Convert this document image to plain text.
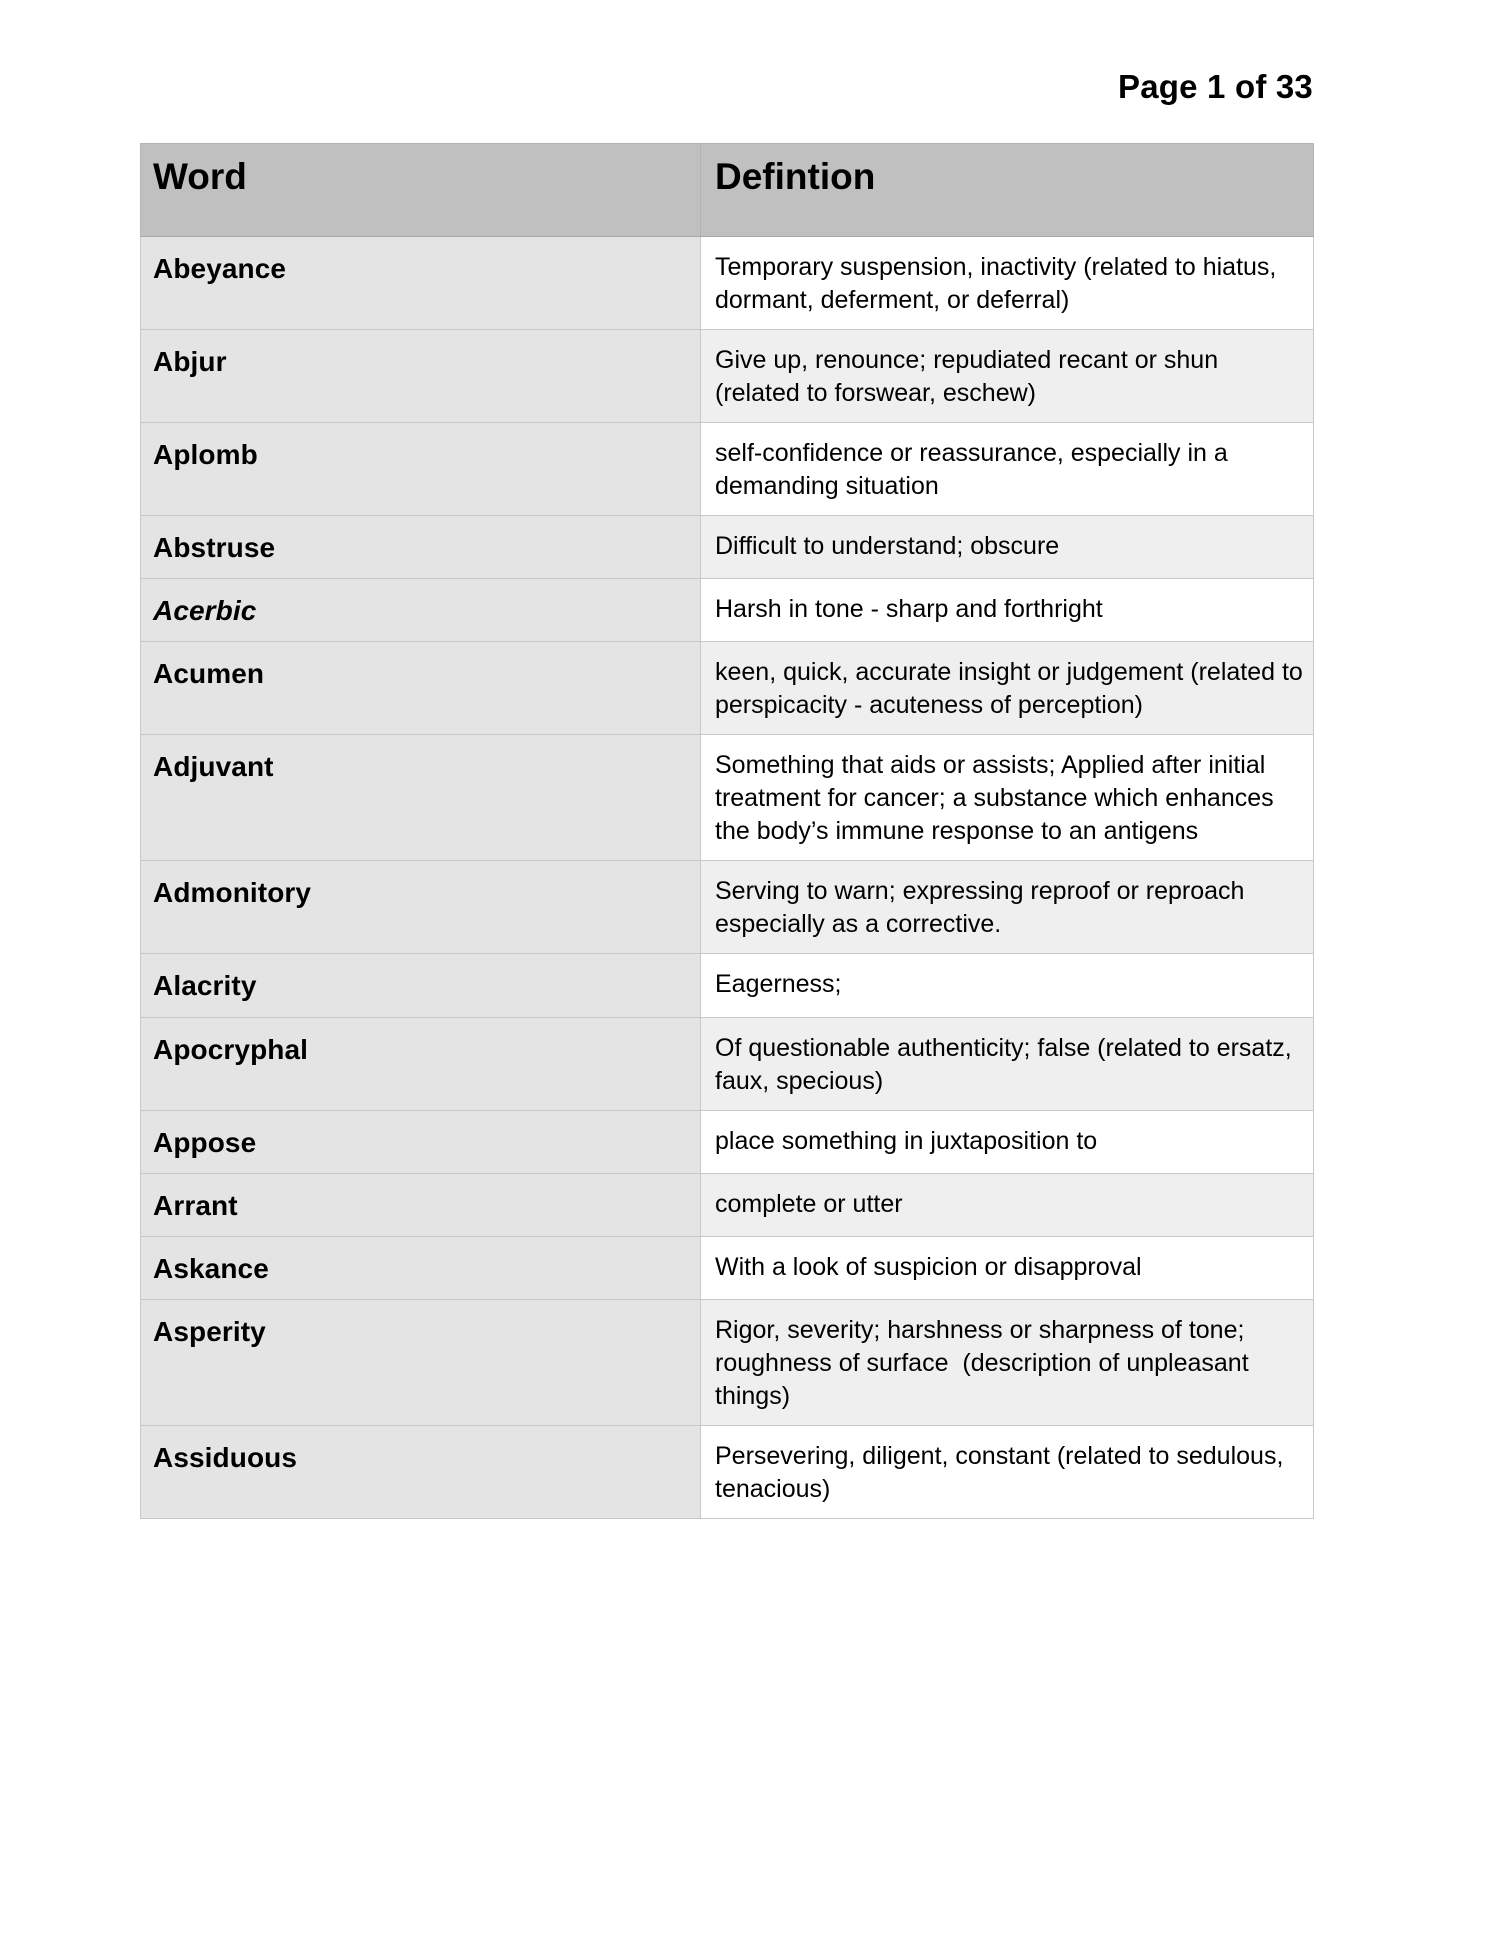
Page 1 of 33
Word	Defintion
Abeyance	Temporary suspension, inactivity (related to hiatus, dormant, deferment, or deferral)
Abjur	Give up, renounce; repudiated recant or shun (related to forswear, eschew)
Aplomb	self-confidence or reassurance, especially in a demanding situation
Abstruse	Difficult to understand; obscure
Acerbic	Harsh in tone - sharp and forthright
Acumen	keen, quick, accurate insight or judgement (related to perspicacity - acuteness of perception)
Adjuvant	Something that aids or assists; Applied after initial treatment for cancer; a substance which enhances the body’s immune response to an antigens
Admonitory	Serving to warn; expressing reproof or reproach especially as a corrective.
Alacrity	Eagerness;
Apocryphal	Of questionable authenticity; false (related to ersatz, faux, specious)
Appose	place something in juxtaposition to
Arrant	complete or utter
Askance	With a look of suspicion or disapproval
Asperity	Rigor, severity; harshness or sharpness of tone; roughness of surface  (description of unpleasant things)
Assiduous	Persevering, diligent, constant (related to sedulous, tenacious)
